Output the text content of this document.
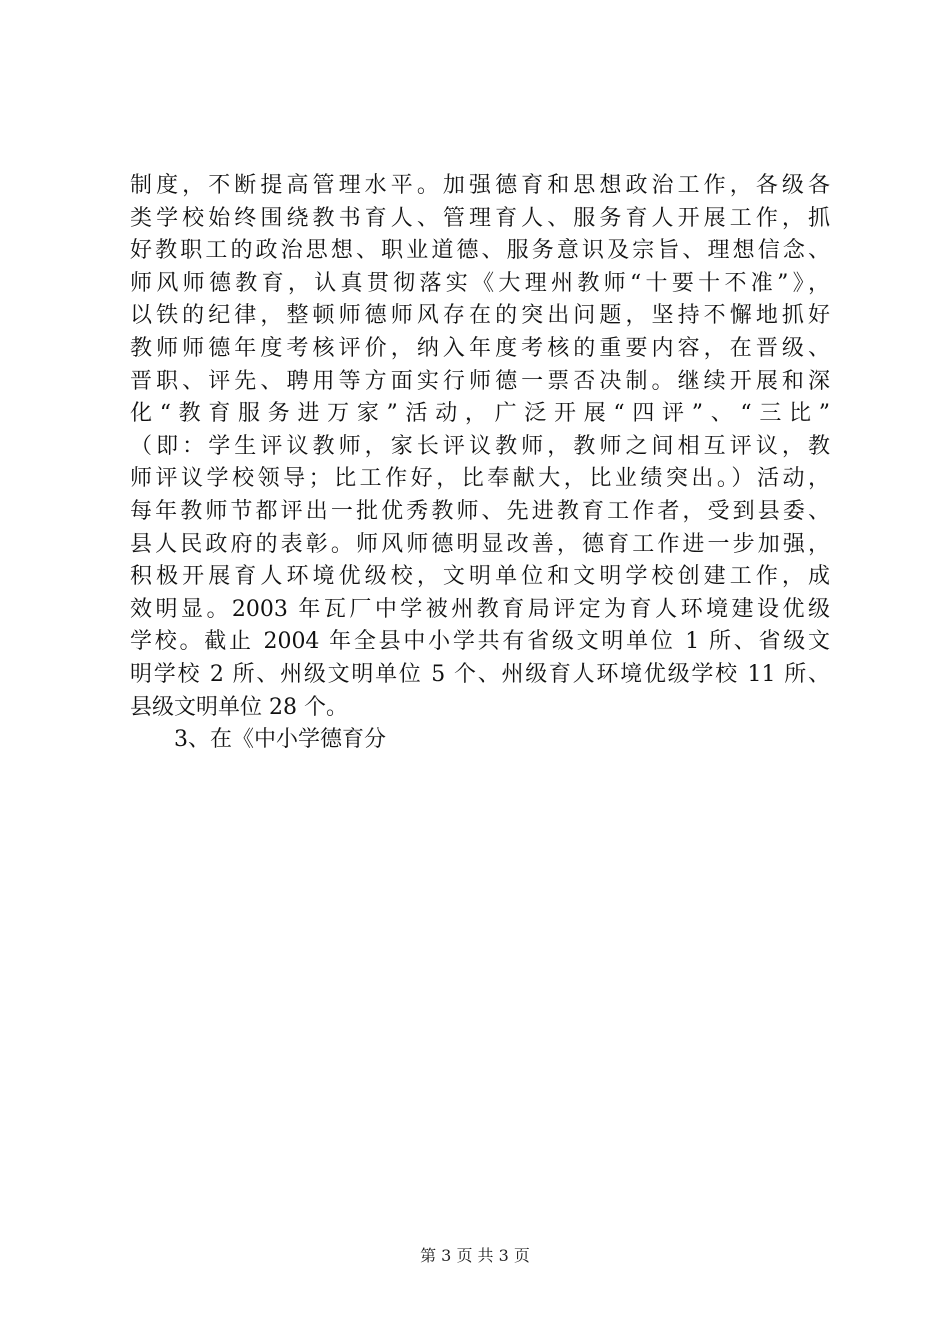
制度，不断提高管理水平。加强德育和思想政治工作，各级各
类学校始终围绕教书育人、管理育人、服务育人开展工作，抓
好教职工的政治思想、职业道德、服务意识及宗旨、理想信念、
师风师德教育，认真贯彻落实《大理州教师“十要十不准”》，
以铁的纪律，整顿师德师风存在的突出问题，坚持不懈地抓好
教师师德年度考核评价，纳入年度考核的重要内容，在晋级、
晋职、评先、聘用等方面实行师德一票否决制。继续开展和深
化“教育服务进万家”活动，广泛开展“四评”、“三比”
（即：学生评议教师，家长评议教师，教师之间相互评议，教
师评议学校领导；比工作好，比奉献大，比业绩突出。）活动，
每年教师节都评出一批优秀教师、先进教育工作者，受到县委、
县人民政府的表彰。师风师德明显改善，德育工作进一步加强，
积极开展育人环境优级校，文明单位和文明学校创建工作，成
效明显。2003 年瓦厂中学被州教育局评定为育人环境建设优级
学校。截止 2004 年全县中小学共有省级文明单位 1 所、省级文
明学校 2 所、州级文明单位 5 个、州级育人环境优级学校 11 所、
县级文明单位 28 个。
3、在《中小学德育分
第 3 页 共 3 页
